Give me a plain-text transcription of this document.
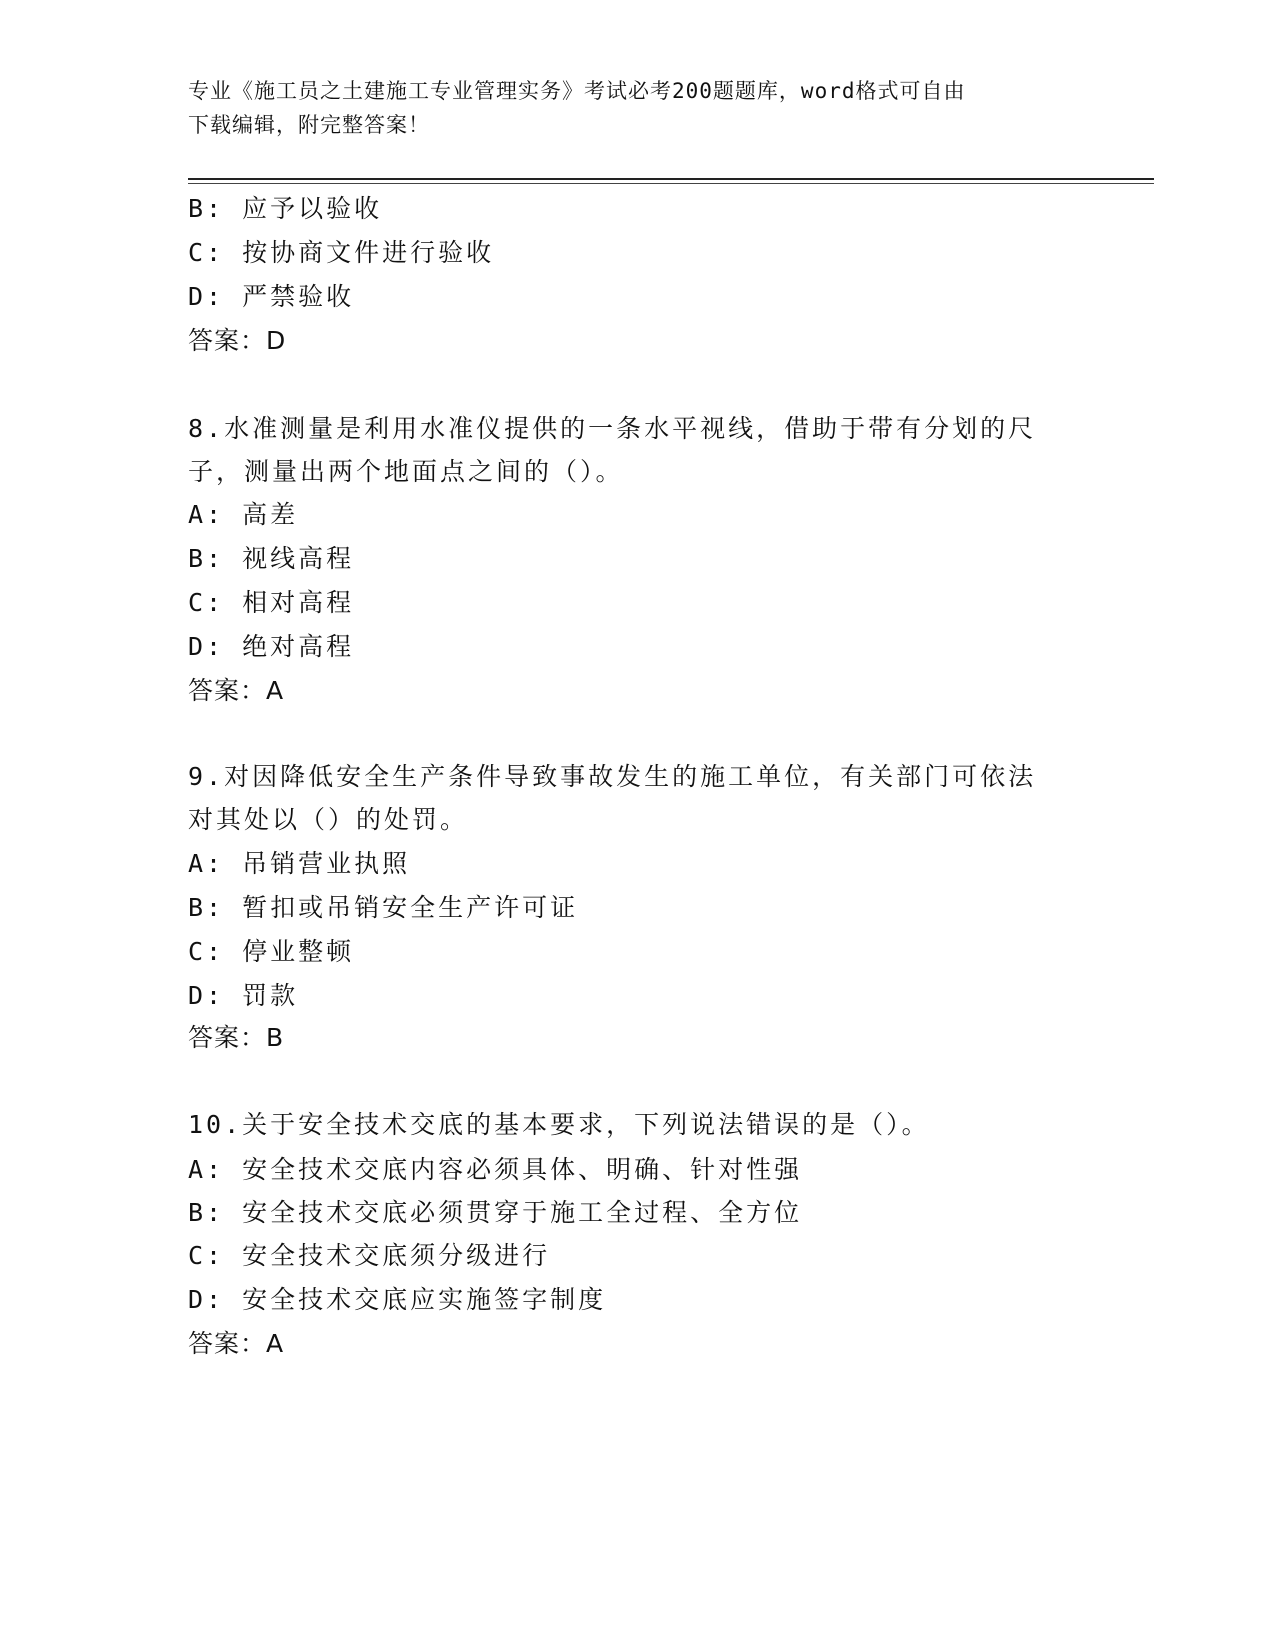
专业《施工员之土建施工专业管理实务》考试必考200题题库，word格式可自由
下载编辑，附完整答案！
B: 应予以验收
C: 按协商文件进行验收
D: 严禁验收
答案：D
8.水准测量是利用水准仪提供的一条水平视线，借助于带有分划的尺
子，测量出两个地面点之间的（）。
A: 高差
B: 视线高程
C: 相对高程
D: 绝对高程
答案：A
9.对因降低安全生产条件导致事故发生的施工单位，有关部门可依法
对其处以（）的处罚。
A: 吊销营业执照
B: 暂扣或吊销安全生产许可证
C: 停业整顿
D: 罚款
答案：B
10.关于安全技术交底的基本要求，下列说法错误的是（）。
A: 安全技术交底内容必须具体、明确、针对性强
B: 安全技术交底必须贯穿于施工全过程、全方位
C: 安全技术交底须分级进行
D: 安全技术交底应实施签字制度
答案：A
